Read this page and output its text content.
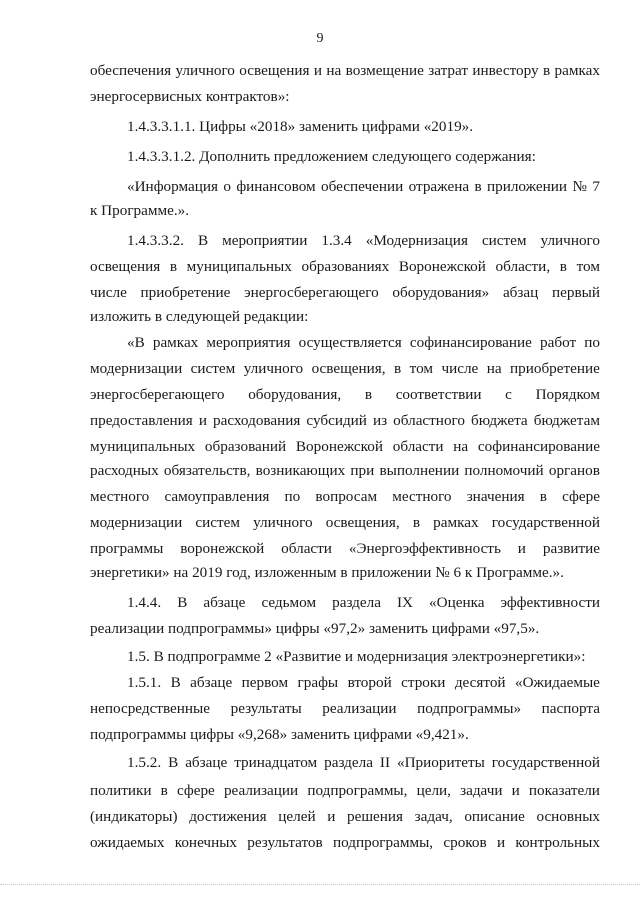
9
обеспечения уличного освещения и на возмещение затрат инвестору в рамках
энергосервисных контрактов»:
1.4.3.3.1.1. Цифры «2018» заменить цифрами «2019».
1.4.3.3.1.2. Дополнить предложением следующего содержания:
«Информация о финансовом обеспечении отражена в приложении № 7
к Программе.».
1.4.3.3.2. В мероприятии 1.3.4 «Модернизация систем уличного
освещения в муниципальных образованиях Воронежской области, в том
числе приобретение энергосберегающего оборудования» абзац первый
изложить в следующей редакции:
«В рамках мероприятия осуществляется софинансирование работ по
модернизации систем уличного освещения, в том числе на приобретение
энергосберегающего оборудования, в соответствии с Порядком
предоставления и расходования субсидий из областного бюджета бюджетам
муниципальных образований Воронежской области на софинансирование
расходных обязательств, возникающих при выполнении полномочий органов
местного самоуправления по вопросам местного значения в сфере
модернизации систем уличного освещения, в рамках государственной
программы воронежской области «Энергоэффективность и развитие
энергетики» на 2019 год, изложенным в приложении № 6 к Программе.».
1.4.4. В абзаце седьмом раздела IX «Оценка эффективности
реализации подпрограммы» цифры «97,2» заменить цифрами «97,5».
1.5. В подпрограмме 2 «Развитие и модернизация электроэнергетики»:
1.5.1. В абзаце первом графы второй строки десятой «Ожидаемые
непосредственные результаты реализации подпрограммы» паспорта
подпрограммы цифры «9,268» заменить цифрами «9,421».
1.5.2. В абзаце тринадцатом раздела II «Приоритеты государственной
политики в сфере реализации подпрограммы, цели, задачи и показатели
(индикаторы) достижения целей и решения задач, описание основных
ожидаемых конечных результатов подпрограммы, сроков и контрольных
